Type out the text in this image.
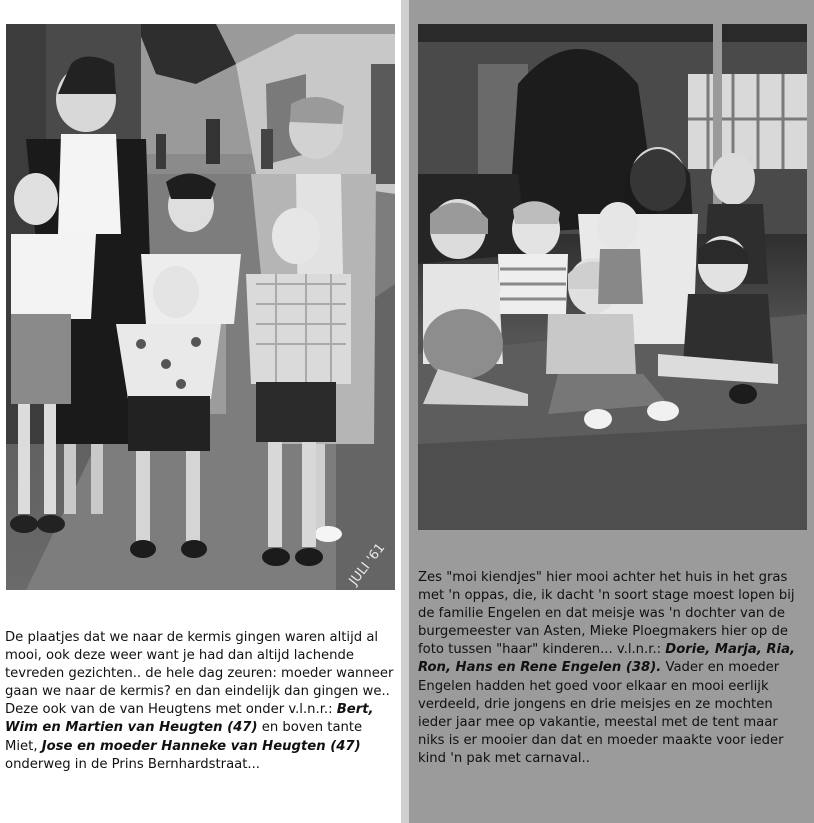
JULI '61

De plaatjes dat we naar de kermis gingen waren altijd al mooi, ook deze weer want je had dan altijd lachende tevreden gezichten.. de hele dag zeuren: moeder wanneer gaan we naar de kermis? en dan eindelijk dan gingen we.. Deze ook van de van Heugtens met onder v.l.n.r.: Bert, Wim en Martien van Heugten (47) en boven tante Miet, Jose en moeder Hanneke van Heugten (47) onderweg in de Prins Bernhardstraat...

Zes "moi kiendjes" hier mooi achter het huis in het gras met 'n oppas, die, ik dacht 'n soort stage moest lopen bij de familie Engelen en dat meisje was 'n dochter van de burgemeester van Asten, Mieke Ploegmakers hier op de foto tussen "haar" kinderen... v.l.n.r.: Dorie, Marja, Ria, Ron, Hans en Rene Engelen (38). Vader en moeder Engelen hadden het goed voor elkaar en mooi eerlijk verdeeld, drie jongens en drie meisjes en ze mochten ieder jaar mee op vakantie, meestal met de tent maar niks is er mooier dan dat en moeder maakte voor ieder kind 'n pak met carnaval..
